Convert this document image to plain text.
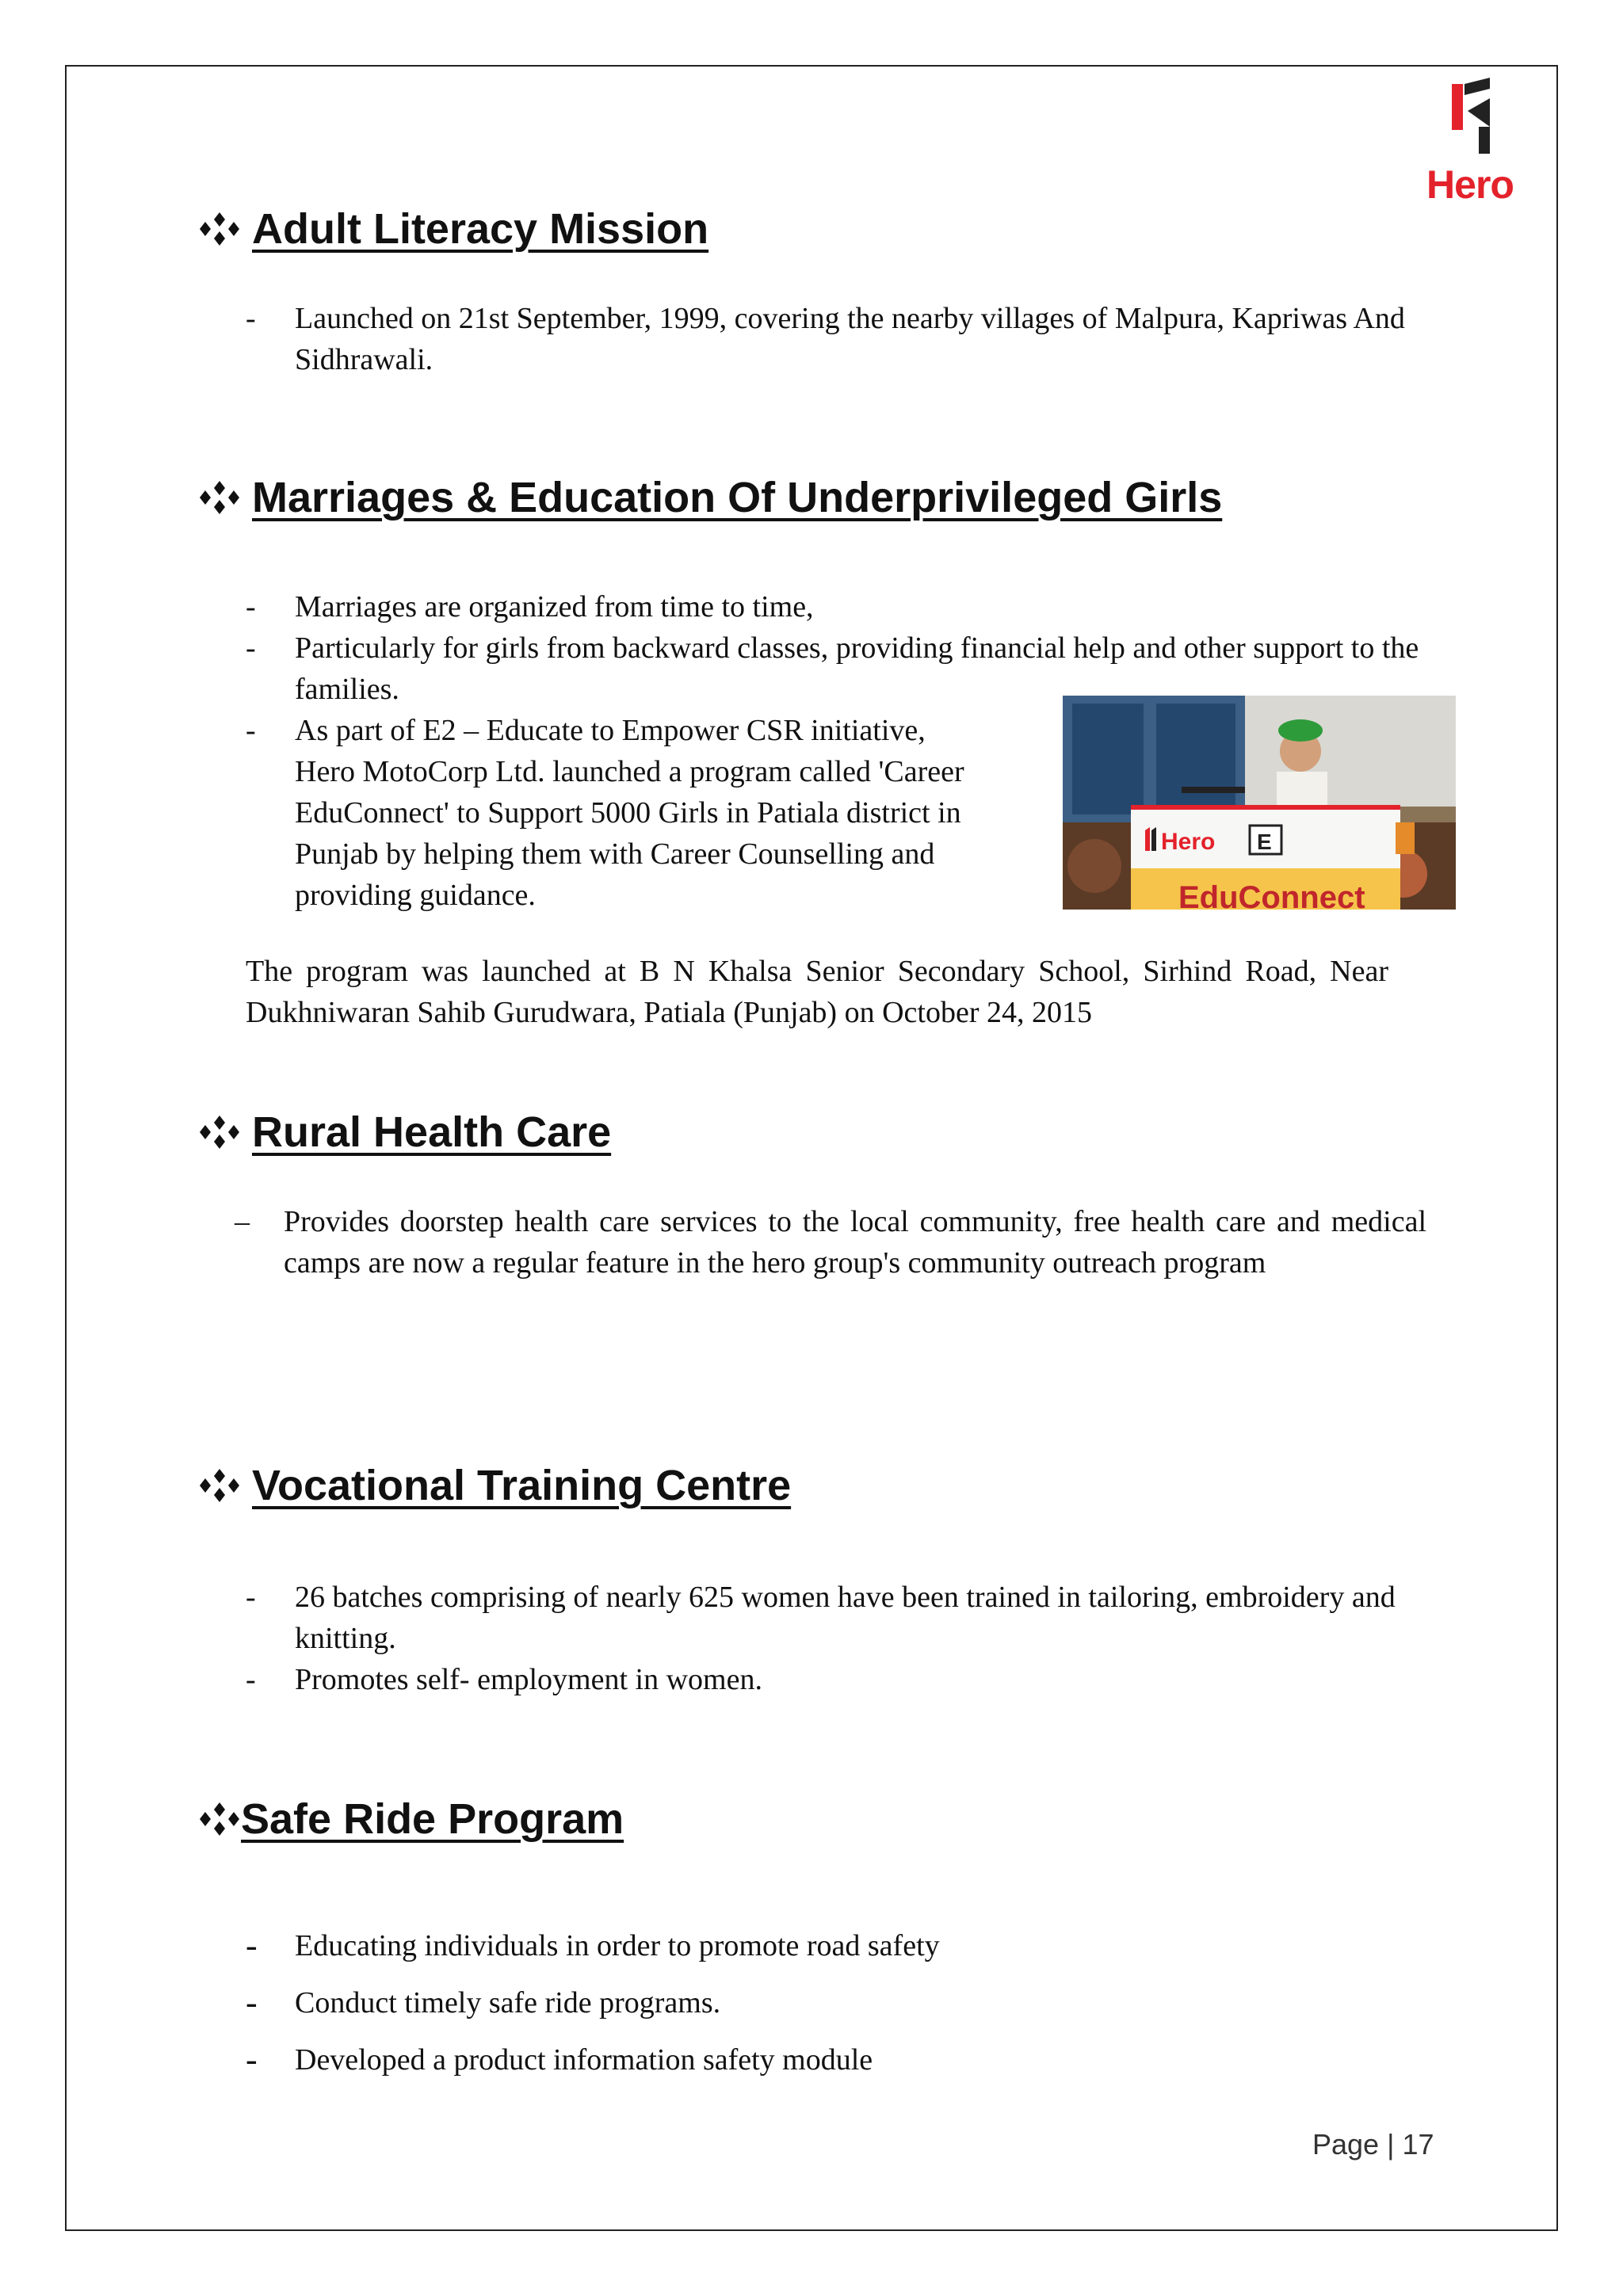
Hero
Adult Literacy Mission
- Launched on 21st September, 1999, covering the nearby villages of Malpura, Kapriwas And Sidhrawali.
Marriages & Education Of Underprivileged Girls
- Marriages are organized from time to time,
- Particularly for girls from backward classes, providing financial help and other support to the families.
- As part of E2 – Educate to Empower CSR initiative, Hero MotoCorp Ltd. launched a program called 'Career EduConnect' to Support 5000 Girls in Patiala district in Punjab by helping them with Career Counselling and providing guidance.
Hero E
EduConnect
The program was launched at B N Khalsa Senior Secondary School, Sirhind Road, Near Dukhniwaran Sahib Gurudwara, Patiala (Punjab) on October 24, 2015
Rural Health Care
– Provides doorstep health care services to the local community, free health care and medical camps are now a regular feature in the hero group's community outreach program
Vocational Training Centre
- 26 batches comprising of nearly 625 women have been trained in tailoring, embroidery and knitting.
- Promotes self- employment in women.
Safe Ride Program
- Educating individuals in order to promote road safety
- Conduct timely safe ride programs.
- Developed a product information safety module
Page | 17
